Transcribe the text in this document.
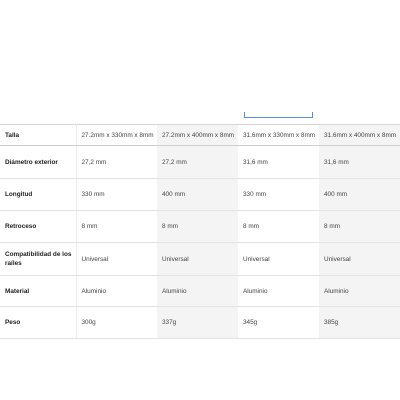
Talla	27.2mm x 330mm x 8mm	27.2mm x 400mm x 8mm	31.6mm x 330mm x 8mm	31.6mm x 400mm x 8mm
Diámetro exterior	27,2 mm	27,2 mm	31,6 mm	31,6 mm
Longitud	330 mm	400 mm	330 mm	400 mm
Retroceso	8 mm	8 mm	8 mm	8 mm
Compatibilidad de los raíles	Universal	Universal	Universal	Universal
Material	Aluminio	Aluminio	Aluminio	Aluminio
Peso	300g	337g	345g	385g
